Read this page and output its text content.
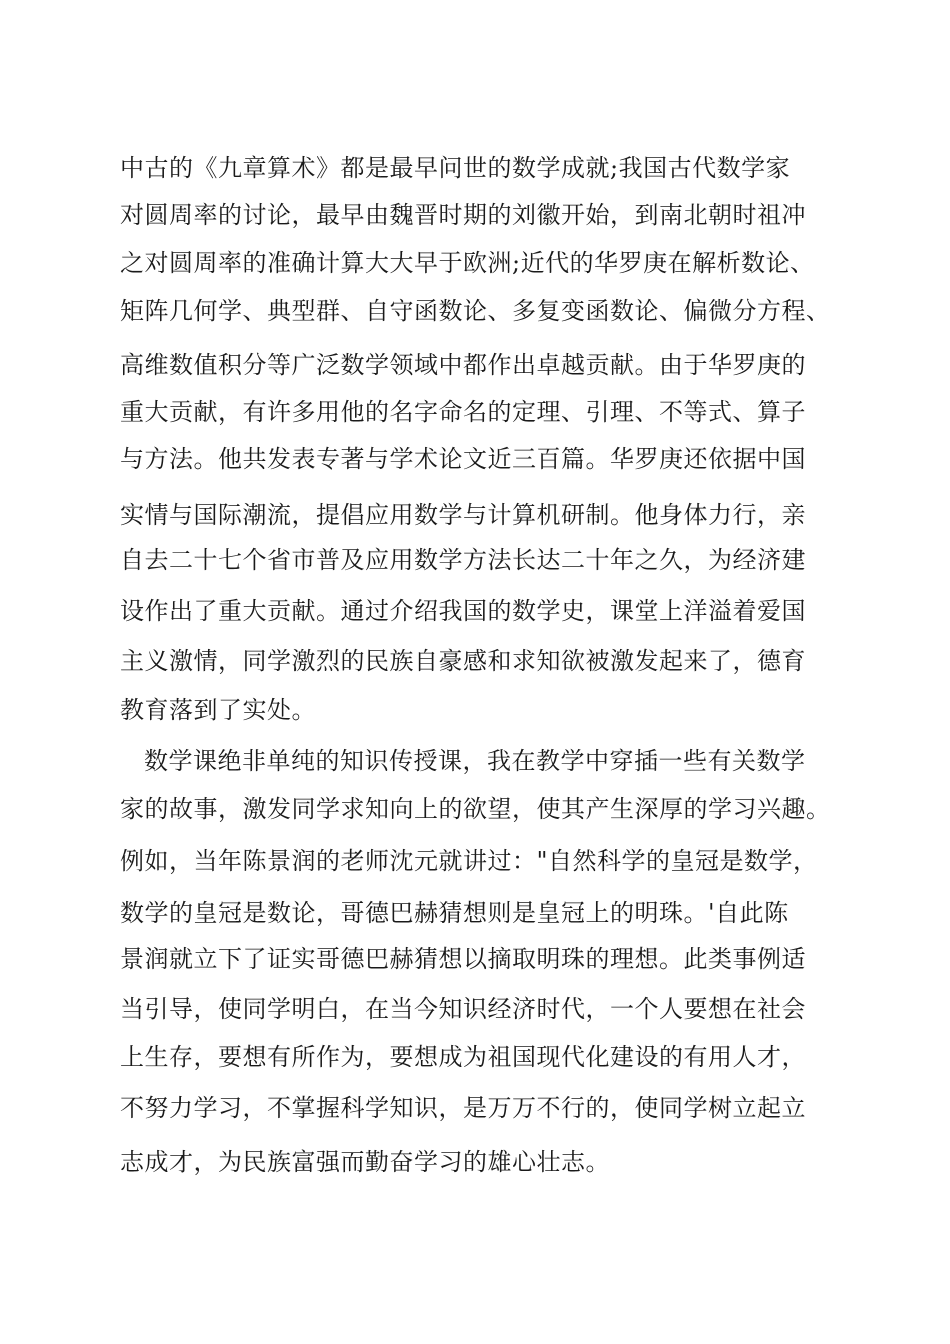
中古的《九章算术》都是最早问世的数学成就;我国古代数学家
对圆周率的讨论，最早由魏晋时期的刘徽开始，到南北朝时祖冲
之对圆周率的准确计算大大早于欧洲;近代的华罗庚在解析数论、
矩阵几何学、典型群、自守函数论、多复变函数论、偏微分方程、
高维数值积分等广泛数学领域中都作出卓越贡献。由于华罗庚的
重大贡献，有许多用他的名字命名的定理、引理、不等式、算子
与方法。他共发表专著与学术论文近三百篇。华罗庚还依据中国
实情与国际潮流，提倡应用数学与计算机研制。他身体力行，亲
自去二十七个省市普及应用数学方法长达二十年之久，为经济建
设作出了重大贡献。通过介绍我国的数学史，课堂上洋溢着爱国
主义激情，同学激烈的民族自豪感和求知欲被激发起来了，德育
教育落到了实处。
数学课绝非单纯的知识传授课，我在教学中穿插一些有关数学
家的故事，激发同学求知向上的欲望，使其产生深厚的学习兴趣。
例如，当年陈景润的老师沈元就讲过："自然科学的皇冠是数学，
数学的皇冠是数论，哥德巴赫猜想则是皇冠上的明珠。'自此陈
景润就立下了证实哥德巴赫猜想以摘取明珠的理想。此类事例适
当引导，使同学明白，在当今知识经济时代，一个人要想在社会
上生存，要想有所作为，要想成为祖国现代化建设的有用人才，
不努力学习，不掌握科学知识，是万万不行的，使同学树立起立
志成才，为民族富强而勤奋学习的雄心壮志。
